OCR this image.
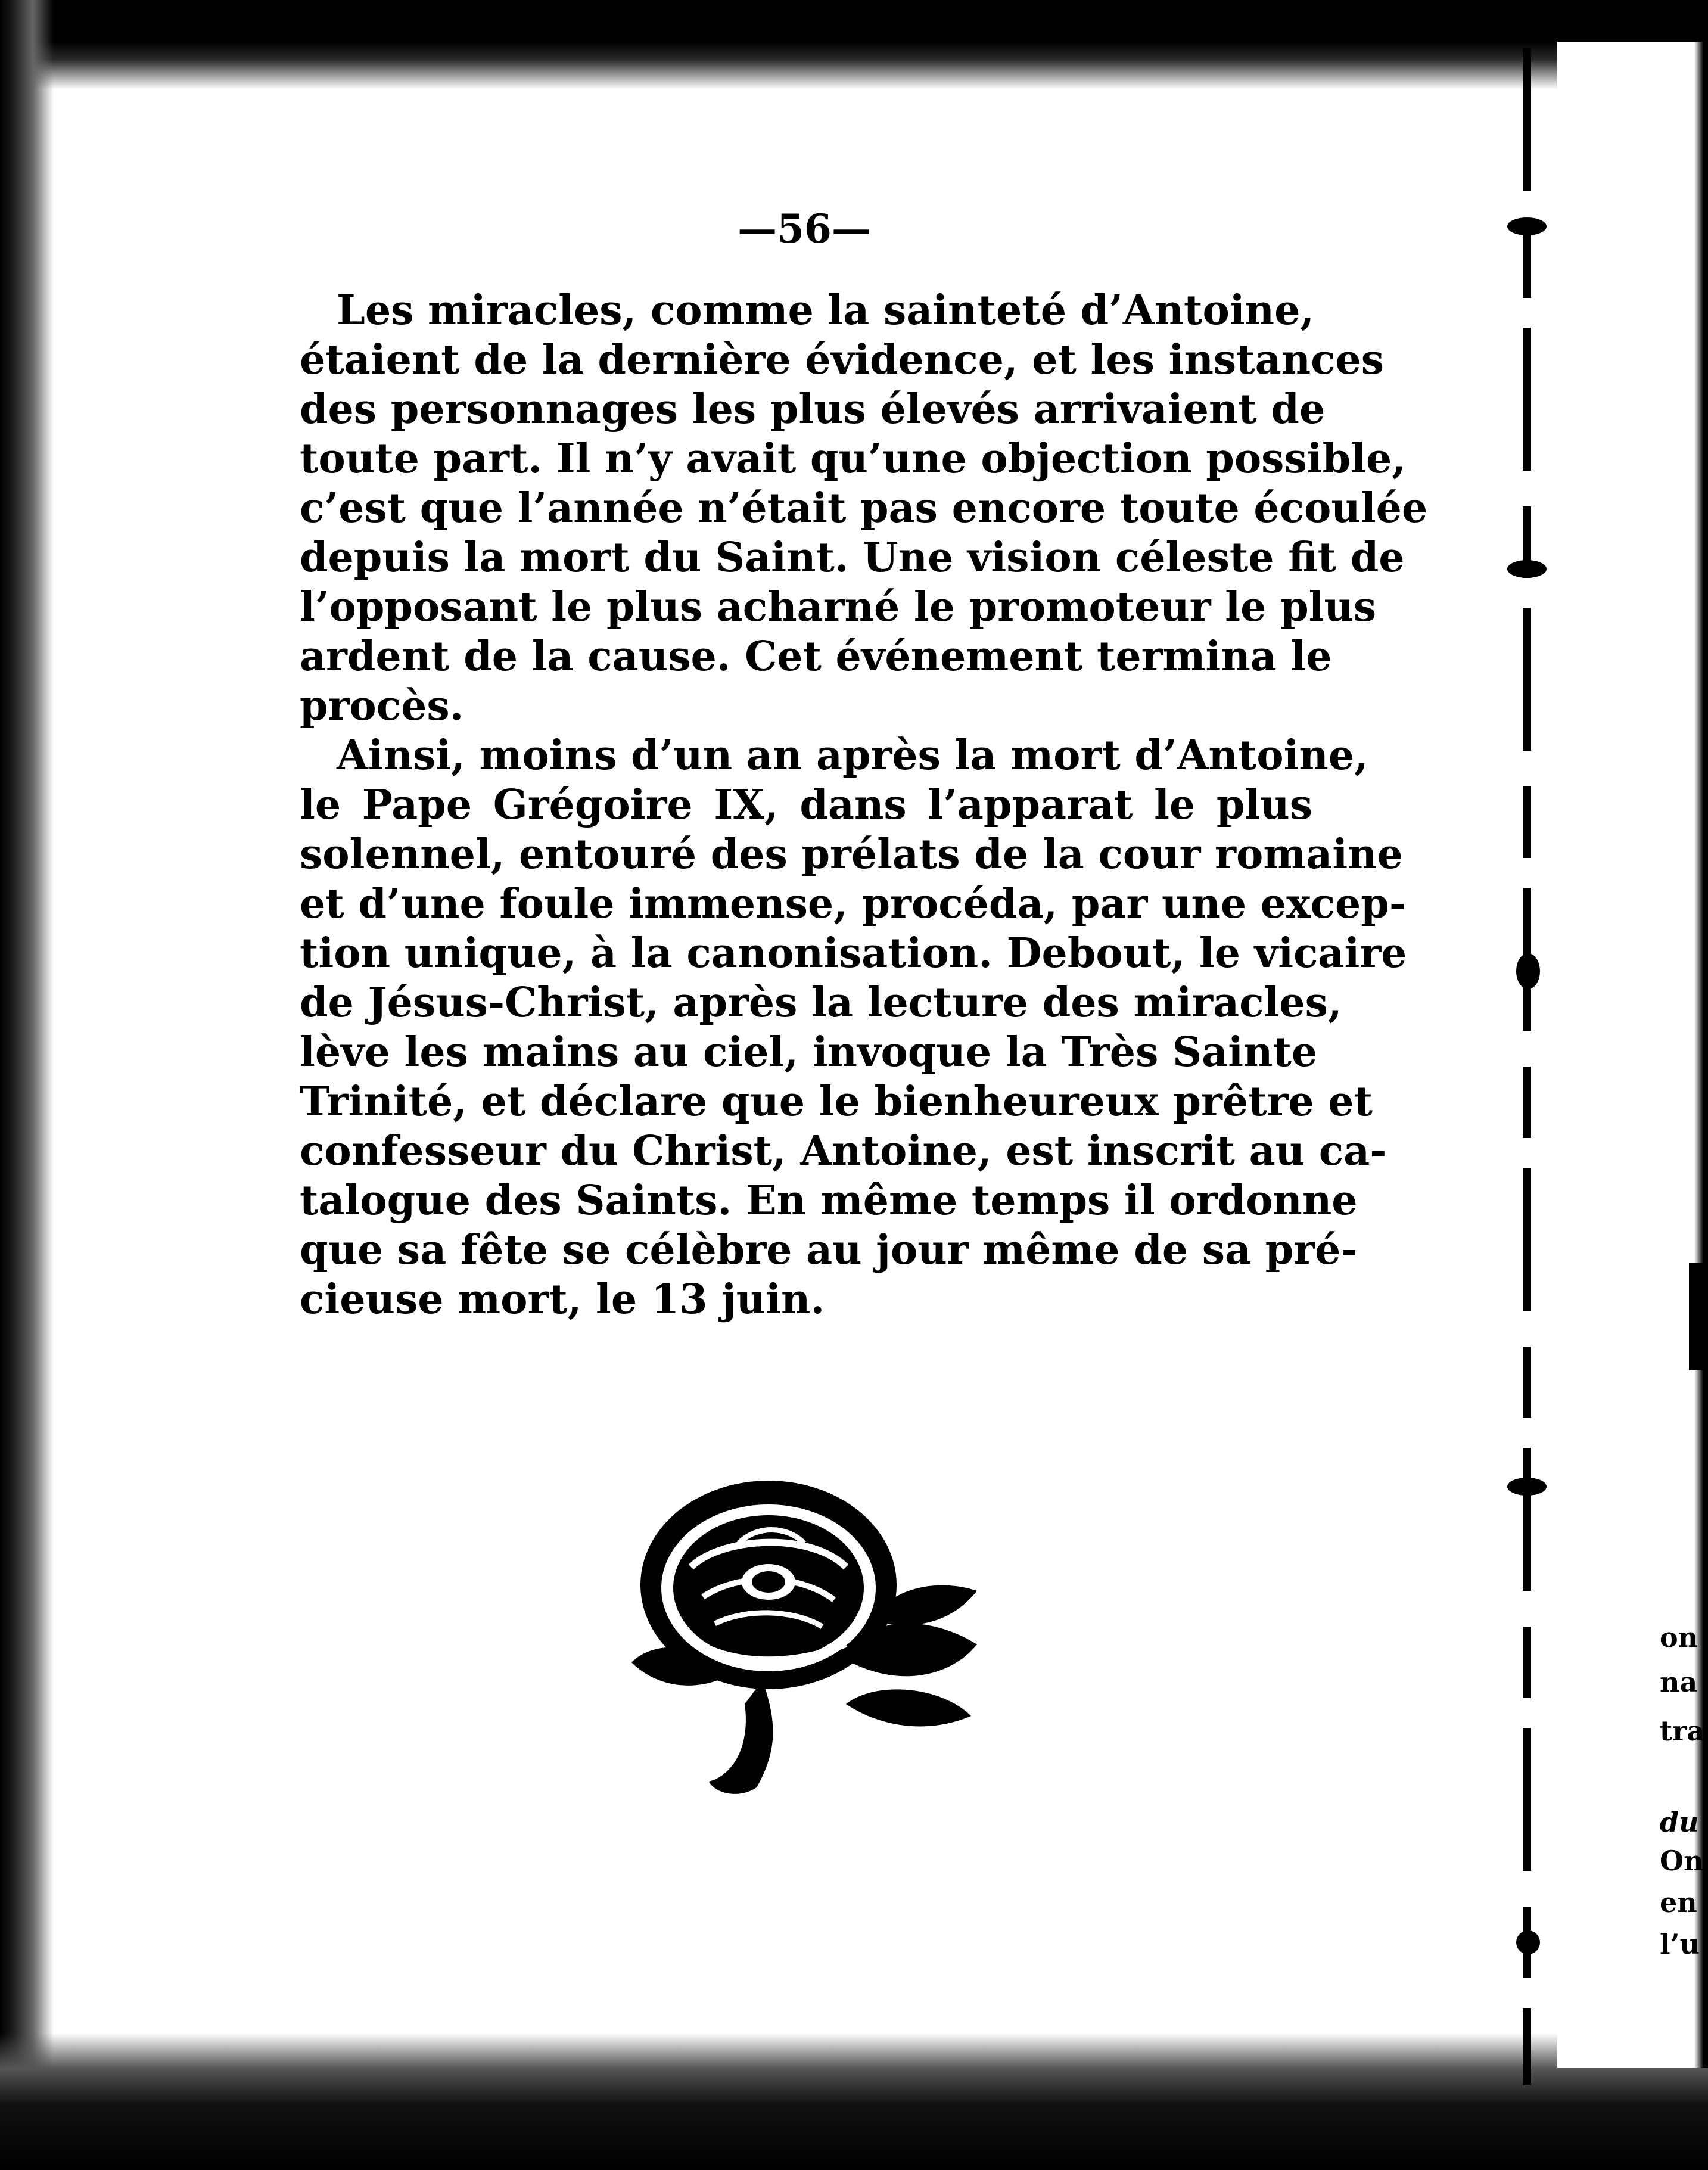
on
na
tra
du
On
en
l’u
—56—
Les miracles, comme la sainteté d’Antoine,
étaient de la dernière évidence, et les instances
des personnages les plus élevés arrivaient de
toute part. Il n’y avait qu’une objection possible,
c’est que l’année n’était pas encore toute écoulée
depuis la mort du Saint. Une vision céleste fit de
l’opposant le plus acharné le promoteur le plus
ardent de la cause. Cet événement termina le
procès.
Ainsi, moins d’un an après la mort d’Antoine,
le Pape Grégoire IX, dans l’apparat le plus
solennel, entouré des prélats de la cour romaine
et d’une foule immense, procéda, par une excep-
tion unique, à la canonisation. Debout, le vicaire
de Jésus-Christ, après la lecture des miracles,
lève les mains au ciel, invoque la Très Sainte
Trinité, et déclare que le bienheureux prêtre et
confesseur du Christ, Antoine, est inscrit au ca-
talogue des Saints. En même temps il ordonne
que sa fête se célèbre au jour même de sa pré-
cieuse mort, le 13 juin.
